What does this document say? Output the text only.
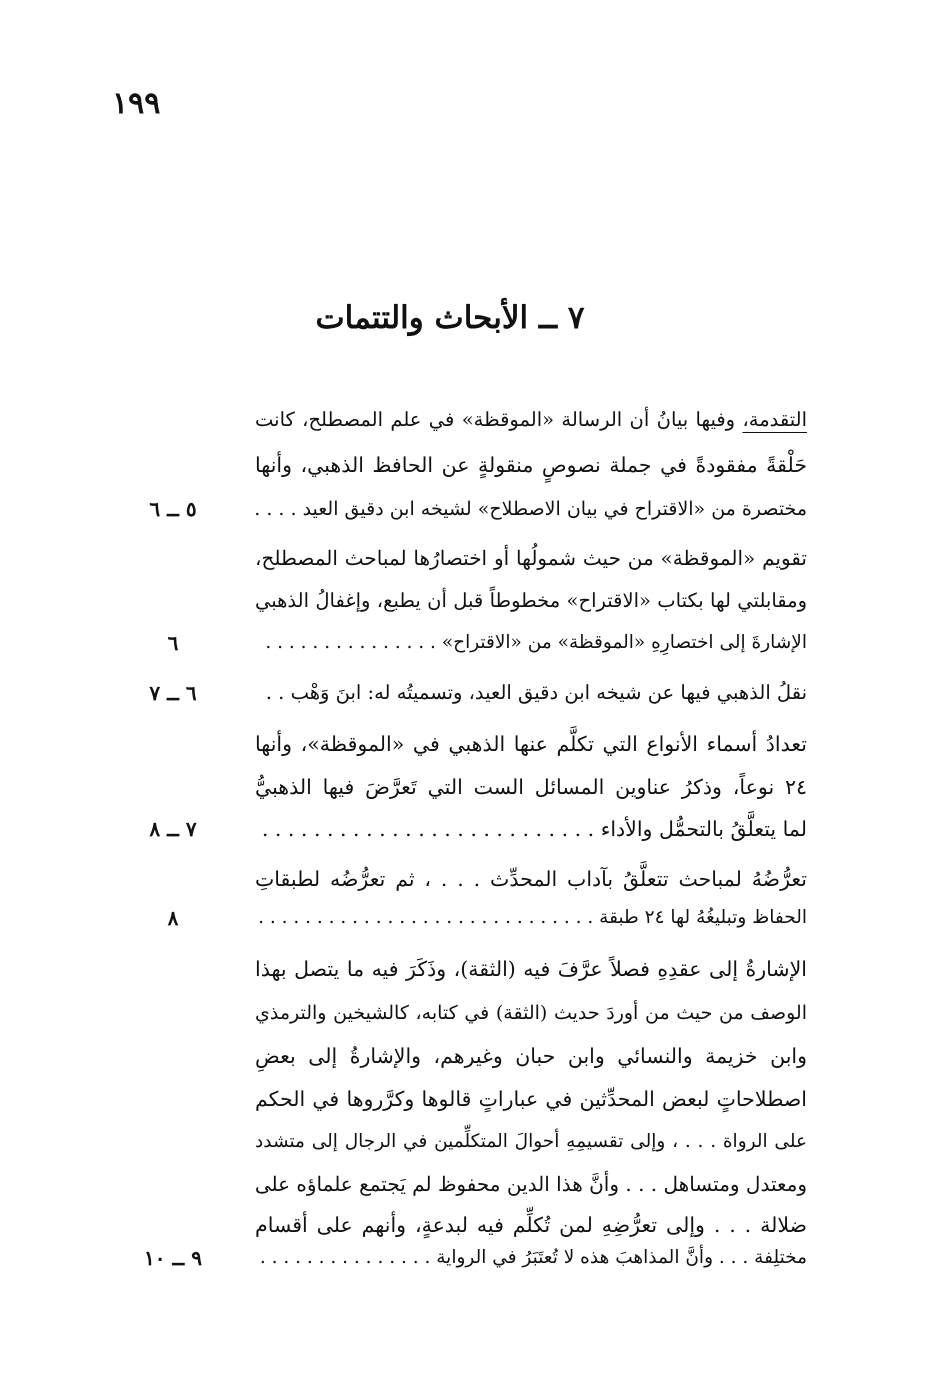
١٩٩
٧ ــ الأبحاث والتتمات
التقدمة، وفيها بيانُ أن الرسالة «الموقظة» في علم المصطلح، كانت
حَلْقةً مفقودةً في جملة نصوصٍ منقولةٍ عن الحافظ الذهبي، وأنها
مختصرة من «الاقتراح في بيان الاصطلاح» لشيخه ابن دقيق العيد . . . .
٥ ــ ٦
تقويم «الموقظة» من حيث شمولُها أو اختصارُها لمباحث المصطلح،
ومقابلتي لها بكتاب «الاقتراح» مخطوطاً قبل أن يطبع، وإغفالُ الذهبي
الإشارةَ إلى اختصارِهِ «الموقظة» من «الاقتراح» . . . . . . . . . . . . . . .
٦
نقلُ الذهبي فيها عن شيخه ابن دقيق العيد، وتسميتُه له: ابنَ وَهْب . .
٦ ــ ٧
تعدادُ أسماء الأنواع التي تكلَّم عنها الذهبي في «الموقظة»، وأنها
٢٤ نوعاً، وذكرُ عناوين المسائل الست التي تَعرَّضَ فيها الذهبيُّ
لما يتعلَّقُ بالتحمُّل والأداء . . . . . . . . . . . . . . . . . . . . . . . . . .
٧ ــ ٨
تعرُّضُهُ لمباحث تتعلَّقُ بآداب المحدِّث . . . ، ثم تعرُّضُه لطبقاتِ
الحفاظ وتبليغُهُ لها ٢٤ طبقة . . . . . . . . . . . . . . . . . . . . . . . . . . . . .
٨
الإشارةُ إلى عقدِهِ فصلاً عرَّفَ فيه (الثقة)، وذَكَرَ فيه ما يتصل بهذا
الوصف من حيث من أوردَ حديث (الثقة) في كتابه، كالشيخين والترمذي
وابن خزيمة والنسائي وابن حبان وغيرهم، والإشارةُ إلى بعضِ
اصطلاحاتٍ لبعض المحدِّثين في عباراتٍ قالوها وكرَّروها في الحكم
على الرواة . . . ، وإلى تقسيمِهِ أحوالَ المتكلِّمين في الرجال إلى متشدد
ومعتدل ومتساهل . . . وأنَّ هذا الدين محفوظ لم يَجتمع علماؤه على
ضلالة . . . وإلى تعرُّضِهِ لمن تُكلِّم فيه لبدعةٍ، وأنهم على أقسام
مختلِفة . . . وأنَّ المذاهبَ هذه لا تُعتَبَرُ في الرواية . . . . . . . . . . . . . . .
٩ ــ ١٠
